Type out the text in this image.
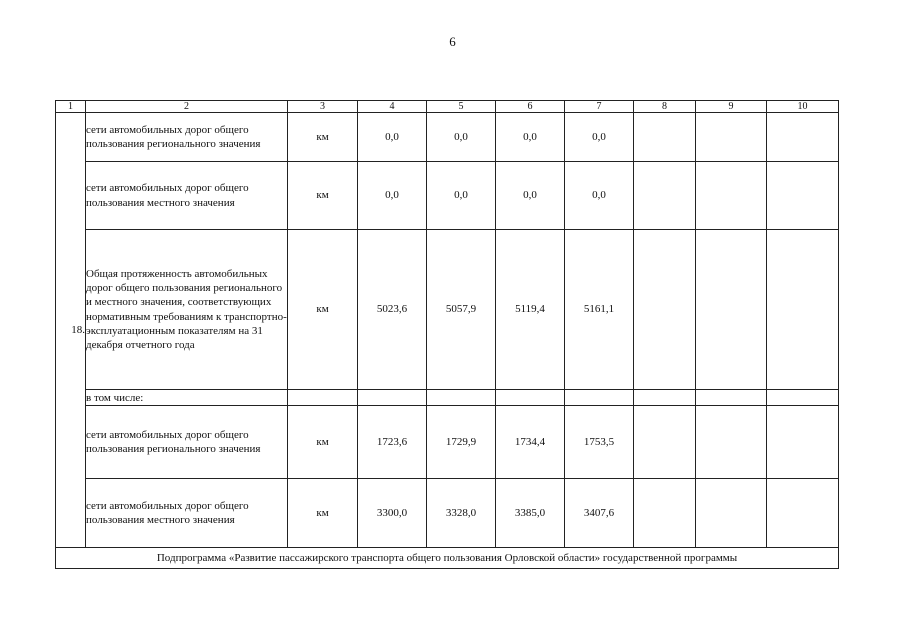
6
1	2	3	4	5	6	7	8	9	10
18.	сети автомобильных дорог общего пользования регионального значения	км	0,0	0,0	0,0	0,0			
	сети автомобильных дорог общего пользования местного значения	км	0,0	0,0	0,0	0,0			
	Общая протяженность автомобильных дорог общего пользования регионального и местного значения, соответствующих нормативным требованиям к транспортно-эксплуатационным показателям на 31 декабря отчетного года	км	5023,6	5057,9	5119,4	5161,1			
	в том числе:								
	сети автомобильных дорог общего пользования регионального значения	км	1723,6	1729,9	1734,4	1753,5			
	сети автомобильных дорог общего пользования местного значения	км	3300,0	3328,0	3385,0	3407,6			
Подпрограмма «Развитие пассажирского транспорта общего пользования Орловской области» государственной программы									
